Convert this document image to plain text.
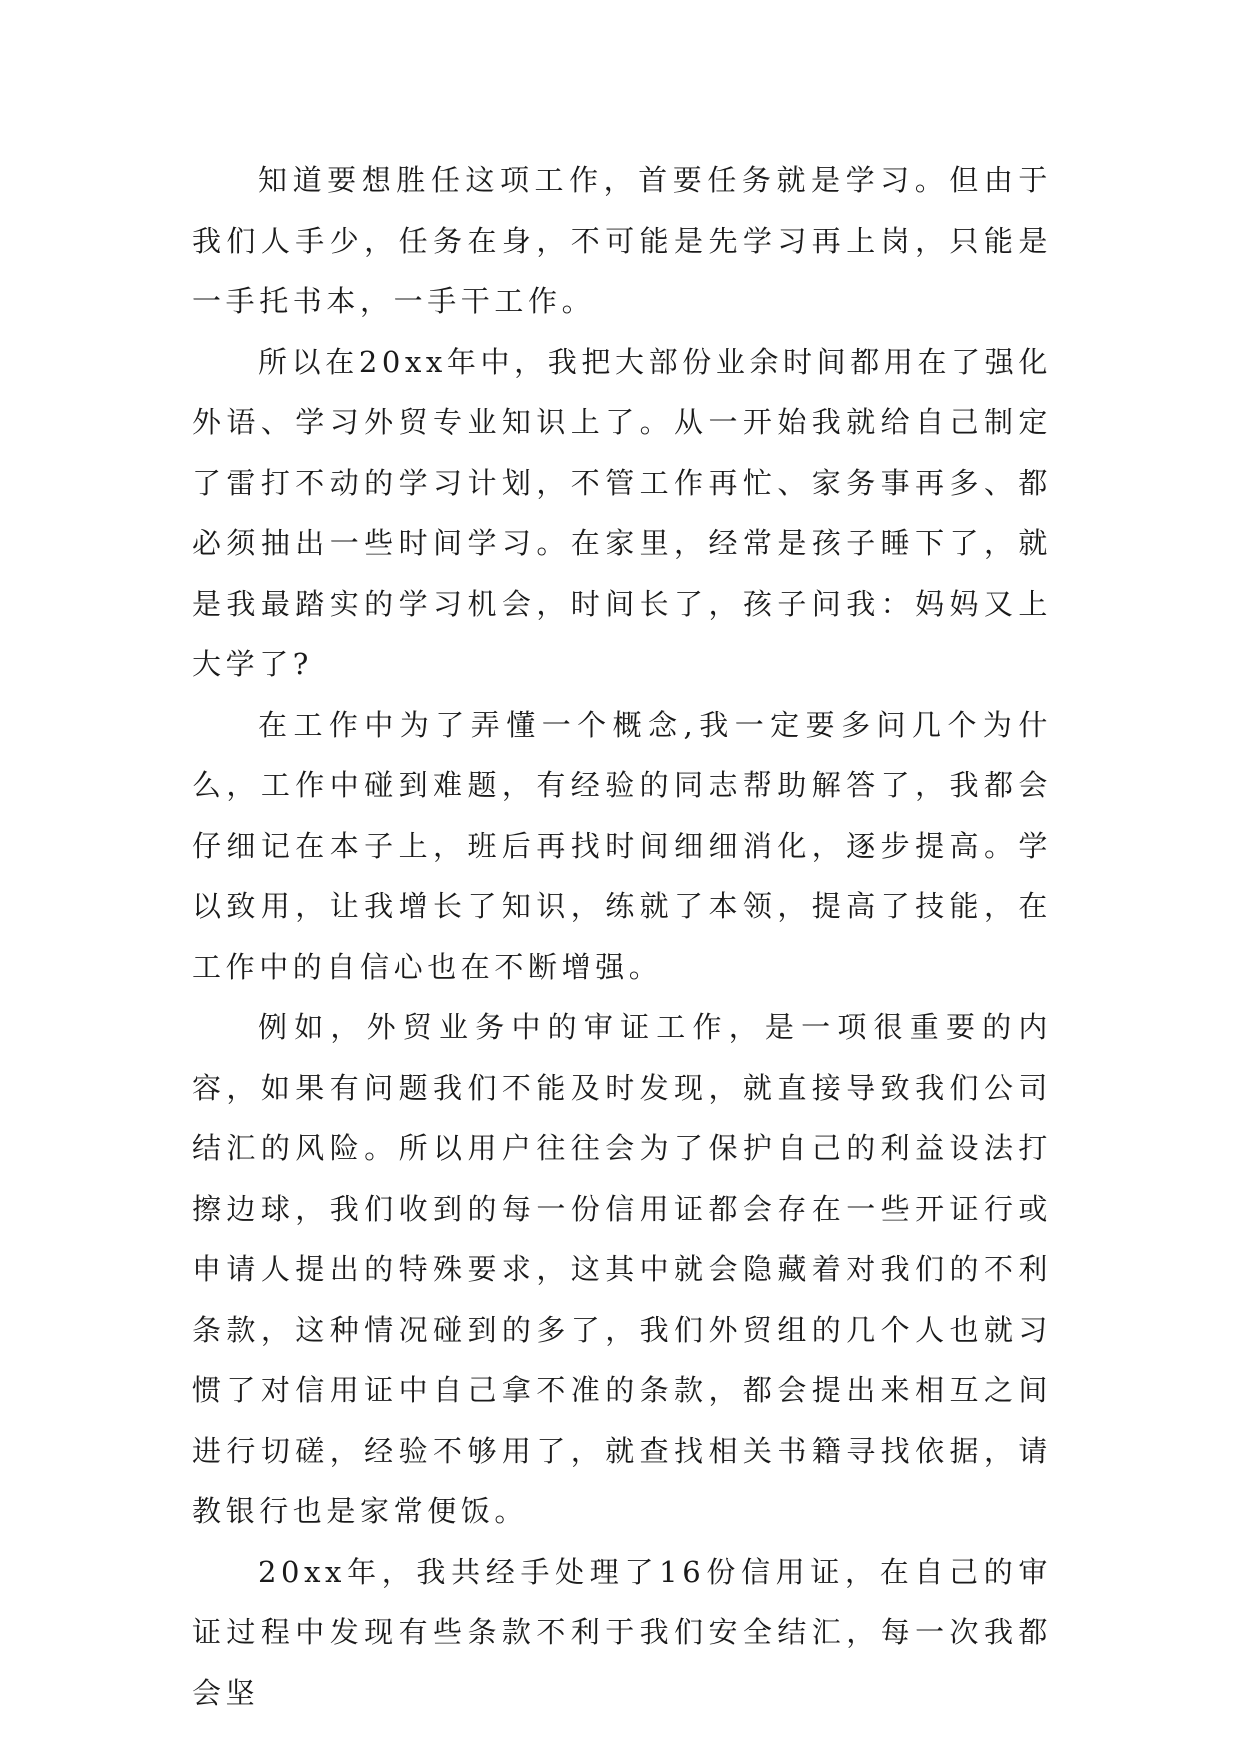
知道要想胜任这项工作，首要任务就是学习。但由于我们人手少，任务在身，不可能是先学习再上岗，只能是一手托书本，一手干工作。

所以在20xx年中，我把大部份业余时间都用在了强化外语、学习外贸专业知识上了。从一开始我就给自己制定了雷打不动的学习计划，不管工作再忙、家务事再多、都必须抽出一些时间学习。在家里，经常是孩子睡下了，就是我最踏实的学习机会，时间长了，孩子问我：妈妈又上大学了?

在工作中为了弄懂一个概念,我一定要多问几个为什么，工作中碰到难题，有经验的同志帮助解答了，我都会仔细记在本子上，班后再找时间细细消化，逐步提高。学以致用，让我增长了知识，练就了本领，提高了技能，在工作中的自信心也在不断增强。

例如，外贸业务中的审证工作，是一项很重要的内容，如果有问题我们不能及时发现，就直接导致我们公司结汇的风险。所以用户往往会为了保护自己的利益设法打擦边球，我们收到的每一份信用证都会存在一些开证行或申请人提出的特殊要求，这其中就会隐藏着对我们的不利条款，这种情况碰到的多了，我们外贸组的几个人也就习惯了对信用证中自己拿不准的条款，都会提出来相互之间进行切磋，经验不够用了，就查找相关书籍寻找依据，请教银行也是家常便饭。

20xx年，我共经手处理了16份信用证，在自己的审证过程中发现有些条款不利于我们安全结汇，每一次我都会坚
